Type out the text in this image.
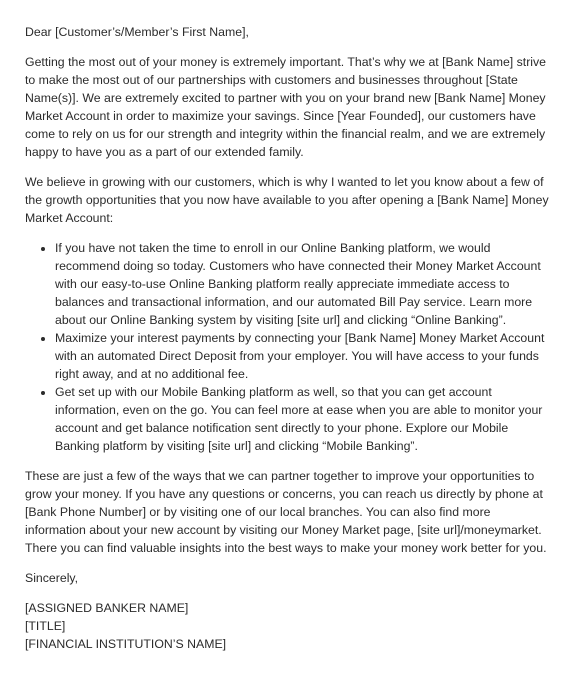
Dear [Customer’s/Member’s First Name],

Getting the most out of your money is extremely important. That’s why we at [Bank Name] strive to make the most out of our partnerships with customers and businesses throughout [State Name(s)]. We are extremely excited to partner with you on your brand new [Bank Name] Money Market Account in order to maximize your savings. Since [Year Founded], our customers have come to rely on us for our strength and integrity within the financial realm, and we are extremely happy to have you as a part of our extended family.

We believe in growing with our customers, which is why I wanted to let you know about a few of the growth opportunities that you now have available to you after opening a [Bank Name] Money Market Account:

• If you have not taken the time to enroll in our Online Banking platform, we would recommend doing so today. Customers who have connected their Money Market Account with our easy-to-use Online Banking platform really appreciate immediate access to balances and transactional information, and our automated Bill Pay service. Learn more about our Online Banking system by visiting [site url] and clicking “Online Banking”.
• Maximize your interest payments by connecting your [Bank Name] Money Market Account with an automated Direct Deposit from your employer. You will have access to your funds right away, and at no additional fee.
• Get set up with our Mobile Banking platform as well, so that you can get account information, even on the go. You can feel more at ease when you are able to monitor your account and get balance notification sent directly to your phone. Explore our Mobile Banking platform by visiting [site url] and clicking “Mobile Banking”.

These are just a few of the ways that we can partner together to improve your opportunities to grow your money. If you have any questions or concerns, you can reach us directly by phone at [Bank Phone Number] or by visiting one of our local branches. You can also find more information about your new account by visiting our Money Market page, [site url]/moneymarket. There you can find valuable insights into the best ways to make your money work better for you.

Sincerely,

[ASSIGNED BANKER NAME]
[TITLE]
[FINANCIAL INSTITUTION’S NAME]
